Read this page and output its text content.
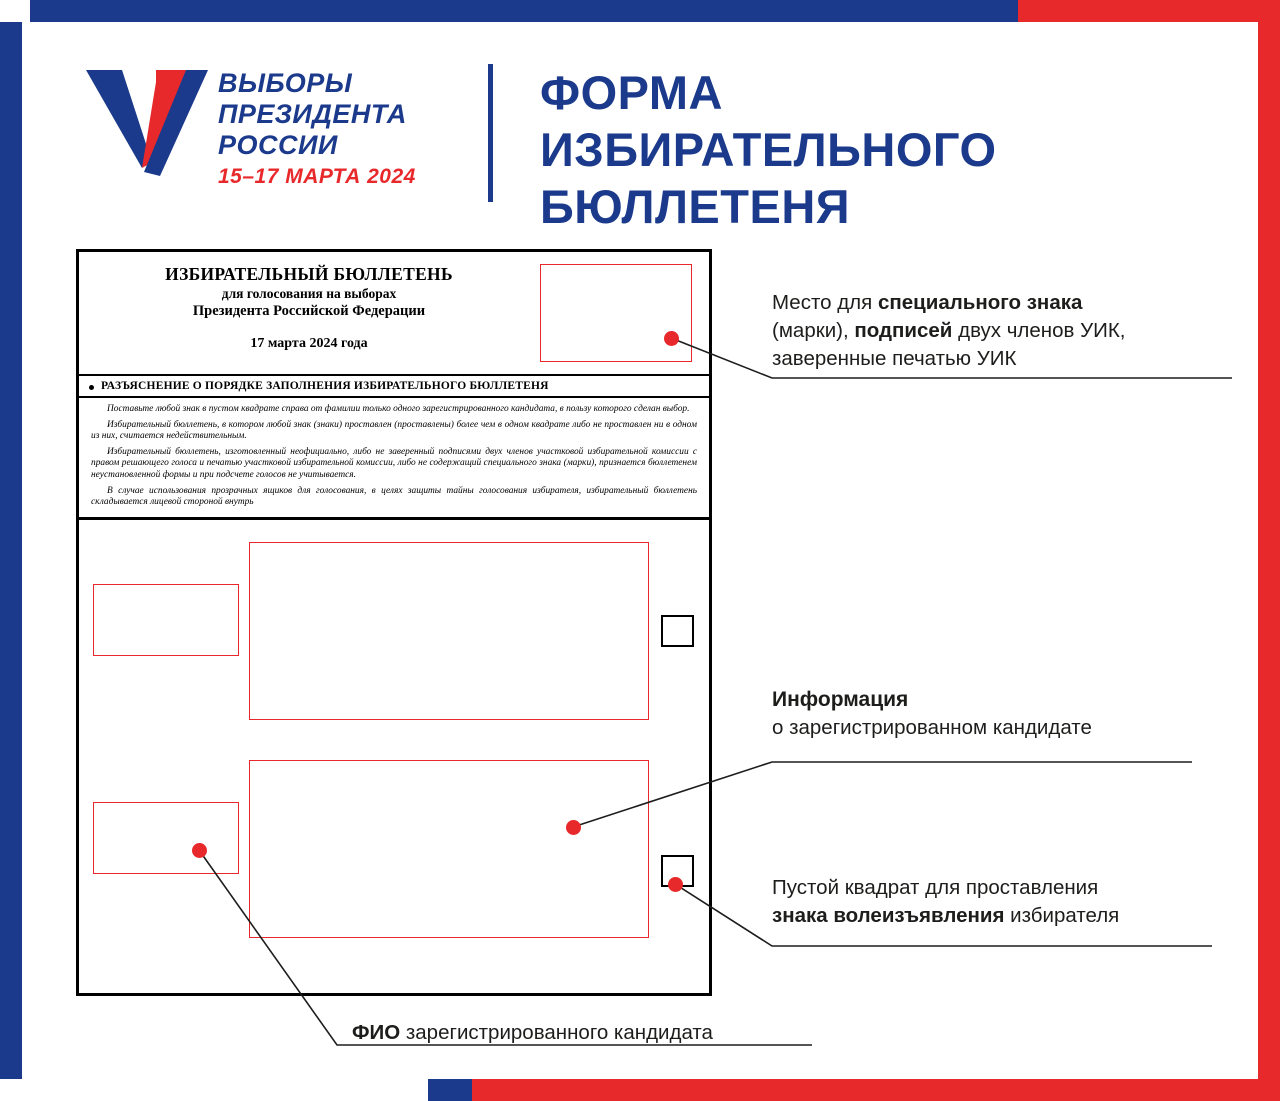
ВЫБОРЫ
ПРЕЗИДЕНТА
РОССИИ
15–17 МАРТА 2024
ФОРМА
ИЗБИРАТЕЛЬНОГО БЮЛЛЕТЕНЯ
ИЗБИРАТЕЛЬНЫЙ БЮЛЛЕТЕНЬ
для голосования на выборах
Президента Российской Федерации
17 марта 2024 года
РАЗЪЯСНЕНИЕ О ПОРЯДКЕ ЗАПОЛНЕНИЯ ИЗБИРАТЕЛЬНОГО БЮЛЛЕТЕНЯ

Поставьте любой знак в пустом квадрате справа от фамилии только одного зарегистрированного кандидата, в пользу которого сделан выбор.

Избирательный бюллетень, в котором любой знак (знаки) проставлен (проставлены) более чем в одном квадрате либо не проставлен ни в одном из них, считается недействительным.

Избирательный бюллетень, изготовленный неофициально, либо не заверенный подписями двух членов участковой избирательной комиссии с правом решающего голоса и печатью участковой избирательной комиссии, либо не содержащий специального знака (марки), признается бюллетенем неустановленной формы и при подсчете голосов не учитывается.

В случае использования прозрачных ящиков для голосования, в целях защиты тайны голосования избирателя, избирательный бюллетень складывается лицевой стороной внутрь

Место для специального знака
(марки), подписей двух членов УИК,
заверенные печатью УИК
Информация
о зарегистрированном кандидате
Пустой квадрат для проставления
знака волеизъявления избирателя
ФИО зарегистрированного кандидата
